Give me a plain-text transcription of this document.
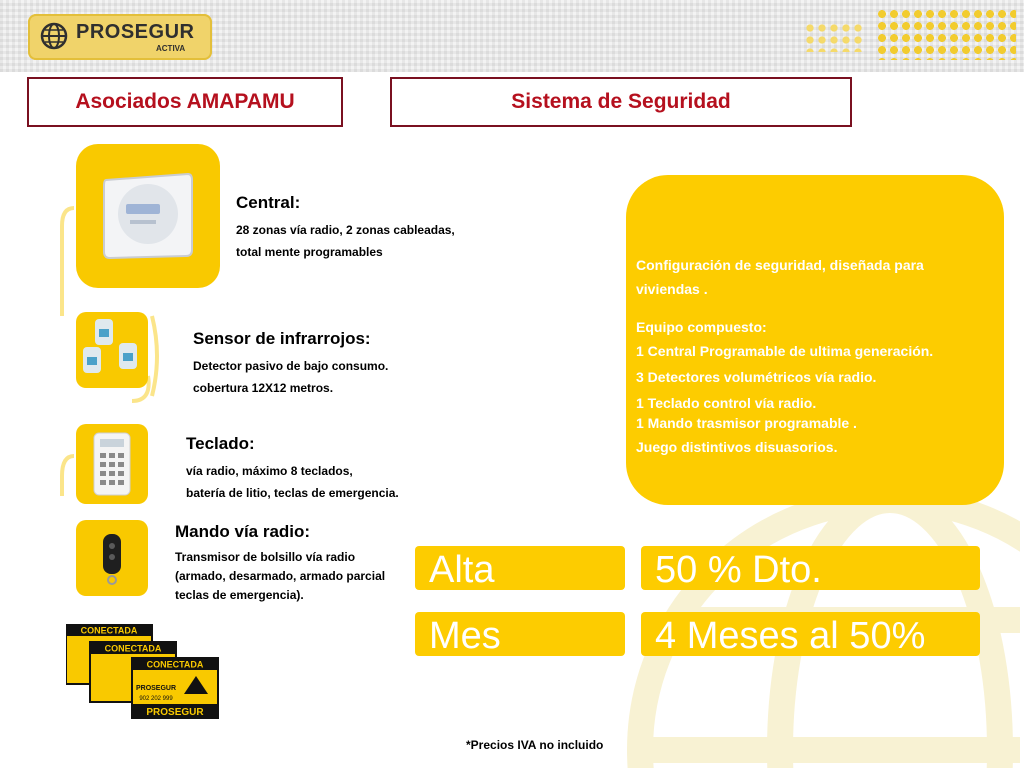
PROSEGUR
ACTIVA
Asociados AMAPAMU	Sistema de Seguridad
Central:
28 zonas vía radio, 2 zonas cableadas,
total mente programables
Sensor de infrarrojos:
Detector pasivo de bajo consumo.
cobertura 12X12 metros.
Teclado:
vía radio, máximo 8 teclados,
batería de litio, teclas de emergencia.
Mando vía radio:
Transmisor de bolsillo vía radio
(armado, desarmado, armado parcial
teclas de emergencia).
Configuración de seguridad, diseñada para
viviendas .
Equipo compuesto:
1 Central Programable de ultima generación.
3 Detectores volumétricos vía radio.
1 Teclado control vía radio.
1 Mando trasmisor programable .
Juego distintivos disuasorios.
Alta	50 % Dto.
Mes	4 Meses al 50%
CONECTADA
CONECTADA
CONECTADA
PROSEGUR
902 202 999
PROSEGUR
*Precios IVA no incluido
